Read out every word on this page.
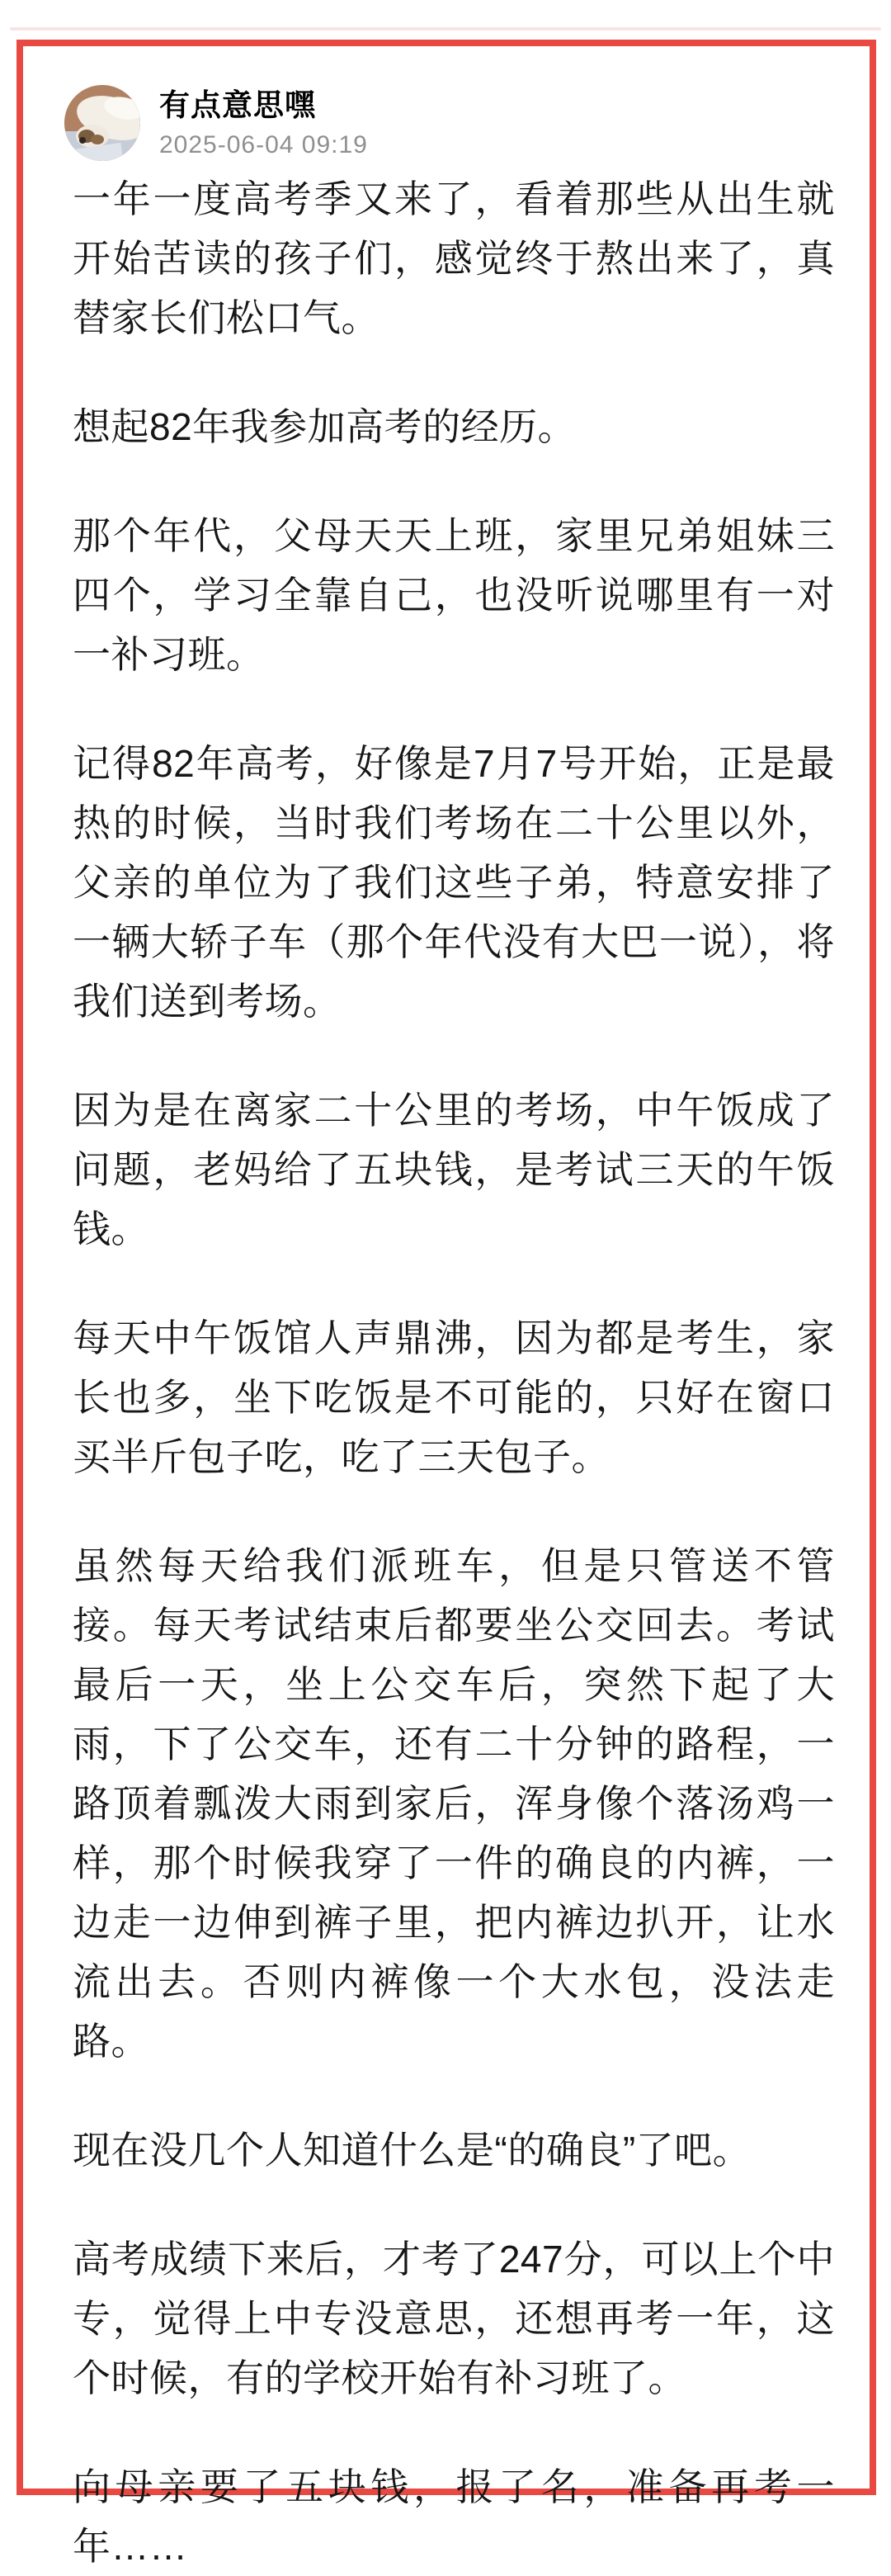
有点意思嘿
2025-06-04 09:19

一年一度高考季又来了，看着那些从出生就开始苦读的孩子们，感觉终于熬出来了，真替家长们松口气。

想起82年我参加高考的经历。

那个年代，父母天天上班，家里兄弟姐妹三四个，学习全靠自己，也没听说哪里有一对一补习班。

记得82年高考，好像是7月7号开始，正是最热的时候，当时我们考场在二十公里以外，父亲的单位为了我们这些子弟，特意安排了一辆大轿子车（那个年代没有大巴一说），将我们送到考场。

因为是在离家二十公里的考场，中午饭成了问题，老妈给了五块钱，是考试三天的午饭钱。

每天中午饭馆人声鼎沸，因为都是考生，家长也多，坐下吃饭是不可能的，只好在窗口买半斤包子吃，吃了三天包子。

虽然每天给我们派班车，但是只管送不管接。每天考试结束后都要坐公交回去。考试最后一天，坐上公交车后，突然下起了大雨，下了公交车，还有二十分钟的路程，一路顶着瓢泼大雨到家后，浑身像个落汤鸡一样，那个时候我穿了一件的确良的内裤，一边走一边伸到裤子里，把内裤边扒开，让水流出去。否则内裤像一个大水包，没法走路。

现在没几个人知道什么是“的确良”了吧。

高考成绩下来后，才考了247分，可以上个中专，觉得上中专没意思，还想再考一年，这个时候，有的学校开始有补习班了。

向母亲要了五块钱，报了名，准备再考一年……
